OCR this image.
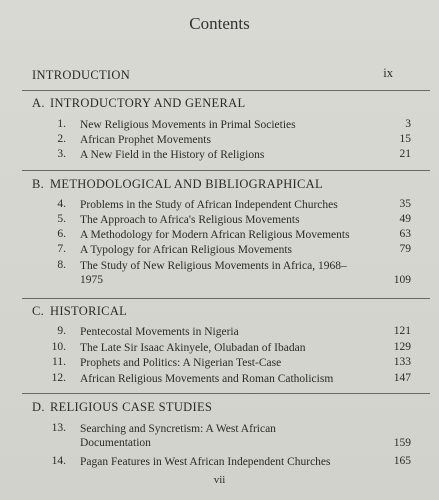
Contents
INTRODUCTION	ix
A. INTRODUCTORY AND GENERAL
1. New Religious Movements in Primal Societies	3
2. African Prophet Movements	15
3. A New Field in the History of Religions	21
B. METHODOLOGICAL AND BIBLIOGRAPHICAL
4. Problems in the Study of African Independent Churches	35
5. The Approach to Africa's Religious Movements	49
6. A Methodology for Modern African Religious Movements	63
7. A Typology for African Religious Movements	79
8. The Study of New Religious Movements in Africa, 1968–1975	109
C. HISTORICAL
9. Pentecostal Movements in Nigeria	121
10. The Late Sir Isaac Akinyele, Olubadan of Ibadan	129
11. Prophets and Politics: A Nigerian Test-Case	133
12. African Religious Movements and Roman Catholicism	147
D. RELIGIOUS CASE STUDIES
13. Searching and Syncretism: A West African Documentation	159
14. Pagan Features in West African Independent Churches	165
vii
